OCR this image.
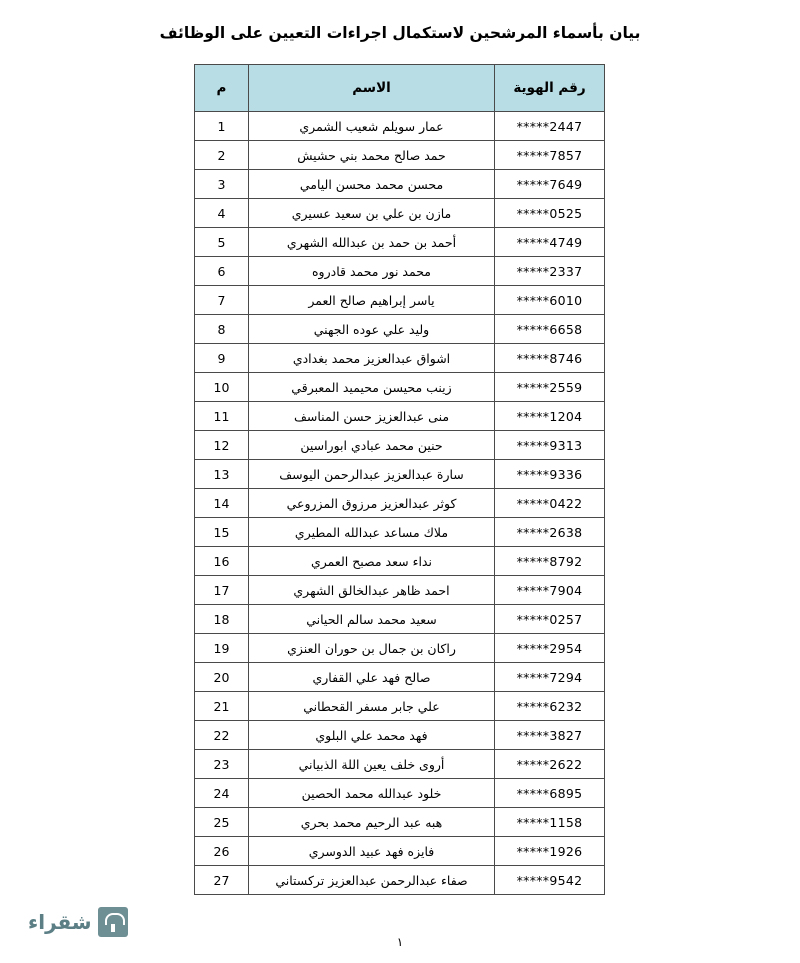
بيان بأسماء المرشحين لاستكمال اجراءات التعيين على الوظائف
رقم الهوية	الاسم	م
*****2447	عمار سويلم شعيب الشمري	1
*****7857	حمد صالح محمد بني حشيش	2
*****7649	محسن محمد محسن اليامي	3
*****0525	مازن بن علي بن سعيد عسيري	4
*****4749	أحمد بن حمد بن عبدالله الشهري	5
*****2337	محمد نور محمد قادروه	6
*****6010	ياسر إبراهيم صالح العمر	7
*****6658	وليد علي عوده الجهني	8
*****8746	اشواق عبدالعزيز محمد بغدادي	9
*****2559	زينب محيسن محيميد المعبرقي	10
*****1204	منى عبدالعزيز حسن المناسف	11
*****9313	حنين محمد عبادي ابوراسين	12
*****9336	سارة عبدالعزيز عبدالرحمن اليوسف	13
*****0422	كوثر عبدالعزيز مرزوق المزروعي	14
*****2638	ملاك مساعد عبدالله المطيري	15
*****8792	نداء سعد مصبح العمري	16
*****7904	احمد ظاهر عبدالخالق الشهري	17
*****0257	سعيد محمد سالم الحياني	18
*****2954	راكان بن جمال بن حوران العنزي	19
*****7294	صالح فهد علي القفاري	20
*****6232	علي جابر مسفر القحطاني	21
*****3827	فهد محمد علي البلوي	22
*****2622	أروى خلف يعين اللة الذبياني	23
*****6895	خلود عبدالله محمد الحصين	24
*****1158	هبه عبد الرحيم محمد بحري	25
*****1926	فايزه فهد عبيد الدوسري	26
*****9542	صفاء عبدالرحمن عبدالعزيز تركستاني	27
شقراء
١
